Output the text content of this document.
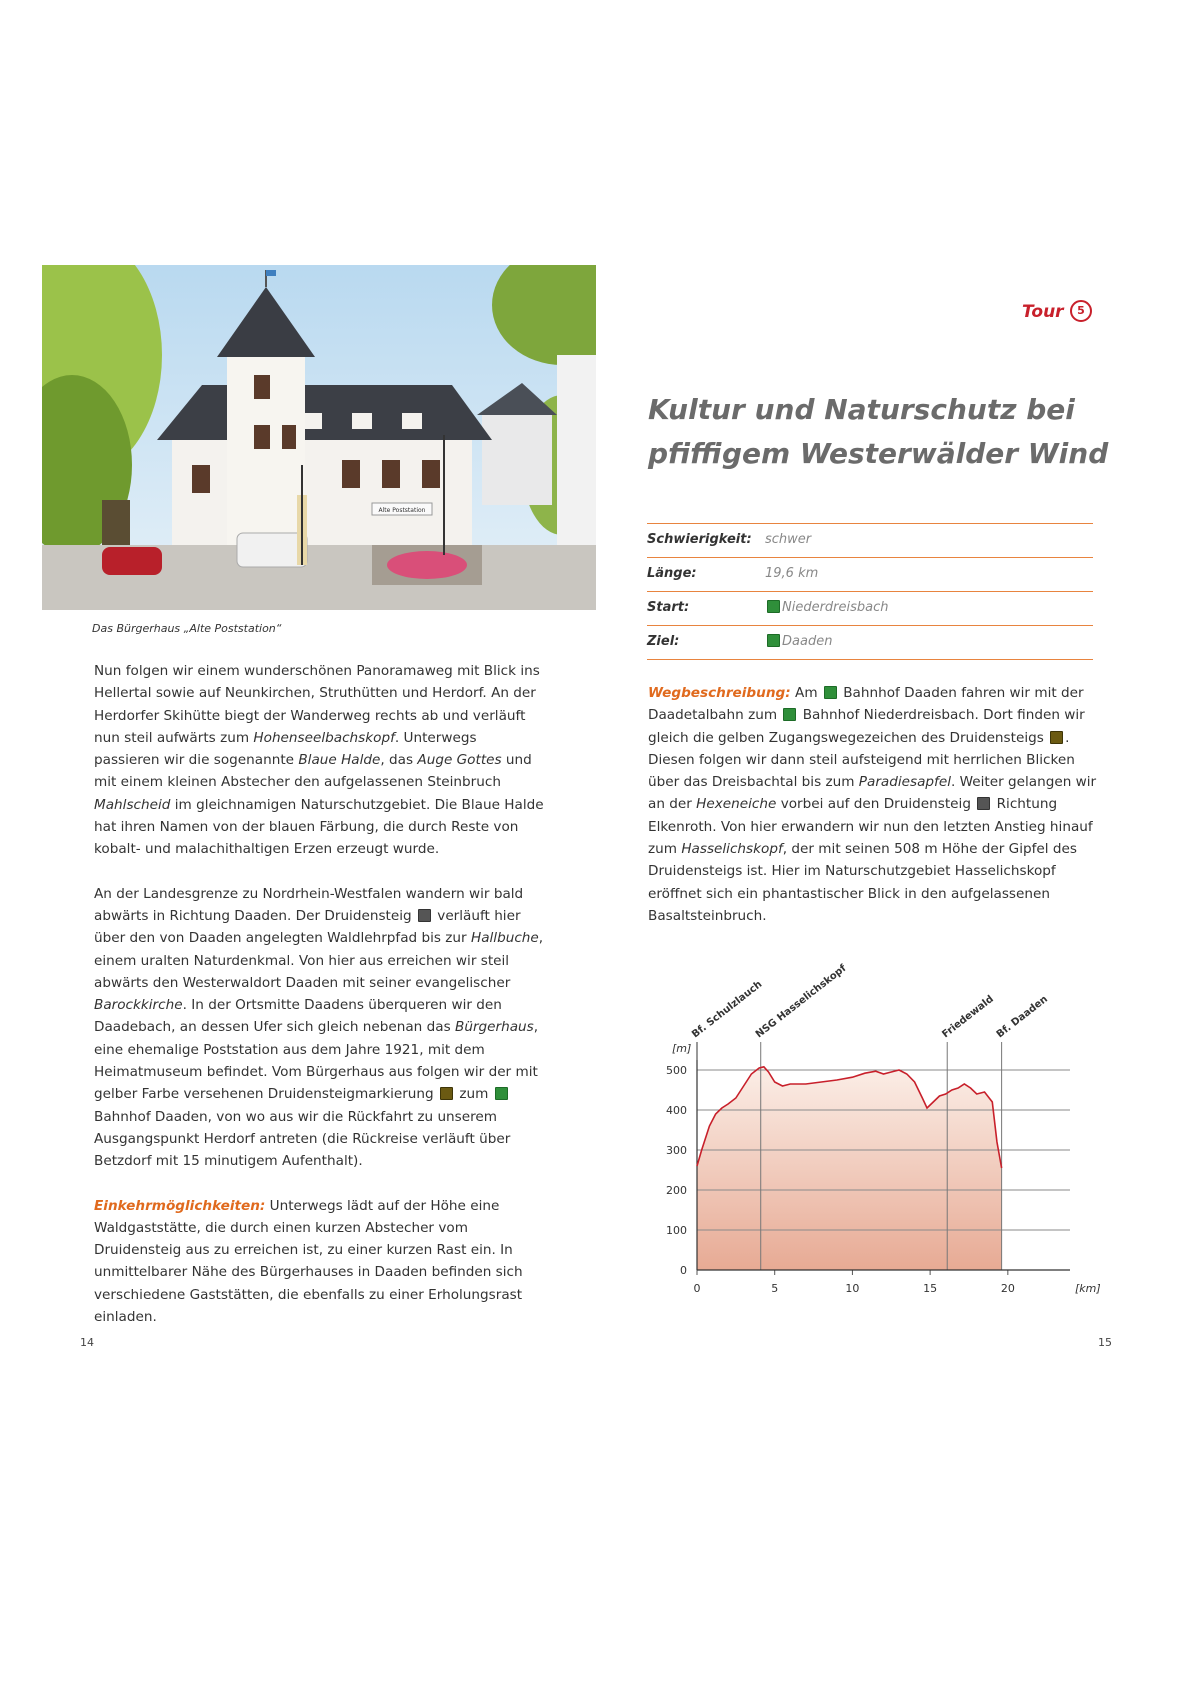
Alte Poststation
Das Bürgerhaus „Alte Poststation“

Nun folgen wir einem wunderschönen Panoramaweg mit Blick ins Hellertal sowie auf Neunkirchen, Struthütten und Herdorf. An der Herdorfer Skihütte biegt der Wanderweg rechts ab und verläuft nun steil aufwärts zum Hohenseelbachskopf. Unterwegs passieren wir die sogenannte Blaue Halde, das Auge Gottes und mit einem kleinen Abstecher den aufgelassenen Steinbruch Mahlscheid im gleichnamigen Naturschutzgebiet. Die Blaue Halde hat ihren Namen von der blauen Färbung, die durch Reste von kobalt- und malachithaltigen Erzen erzeugt wurde.

An der Landesgrenze zu Nordrhein-Westfalen wandern wir bald abwärts in Richtung Daaden. Der Druidensteig  verläuft hier über den von Daaden angelegten Waldlehrpfad bis zur Hallbuche, einem uralten Naturdenkmal. Von hier aus erreichen wir steil abwärts den Westerwaldort Daaden mit seiner evangelischer Barockkirche. In der Ortsmitte Daadens überqueren wir den Daadebach, an dessen Ufer sich gleich nebenan das Bürgerhaus, eine ehemalige Poststation aus dem Jahre 1921, mit dem Heimatmuseum befindet. Vom Bürgerhaus aus folgen wir der mit gelber Farbe versehenen Druidensteigmarkierung  zum  Bahnhof Daaden, von wo aus wir die Rückfahrt zu unserem Ausgangspunkt Herdorf antreten (die Rückreise verläuft über Betzdorf mit 15 minutigem Aufenthalt).

Einkehrmöglichkeiten: Unterwegs lädt auf der Höhe eine Waldgaststätte, die durch einen kurzen Abstecher vom Druidensteig aus zu erreichen ist, zu einer kurzen Rast ein. In unmittelbarer Nähe des Bürgerhauses in Daaden befinden sich verschiedene Gaststätten, die ebenfalls zu einer Erholungsrast einladen.

Tour	5
Kultur und Naturschutz bei pfiffigem Westerwälder Wind
Schwierigkeit: schwer
Länge:	19,6 km
Start:	Niederdreisbach
Ziel:	Daaden

Wegbeschreibung: Am  Bahnhof Daaden fahren wir mit der Daadetalbahn zum  Bahnhof Niederdreisbach. Dort finden wir gleich die gelben Zugangswegezeichen des Druidensteigs . Diesen folgen wir dann steil aufsteigend mit herrlichen Blicken über das Dreisbachtal bis zum Paradiesapfel. Weiter gelangen wir an der Hexeneiche vorbei auf den Druidensteig  Richtung Elkenroth. Von hier erwandern wir nun den letzten Anstieg hinauf zum Hasselichskopf, der mit seinen 508 m Höhe der Gipfel des Druidensteigs ist. Hier im Naturschutzgebiet Hasselichskopf eröffnet sich ein phantastischer Blick in den aufgelassenen Basaltsteinbruch.

0
100
200
300
400
500
0	5	10	15	20	[km]
[m]
Bf. Schulzlauch
NSG Hasselichskopf	Friedewald
Bf. Daaden
14	15
